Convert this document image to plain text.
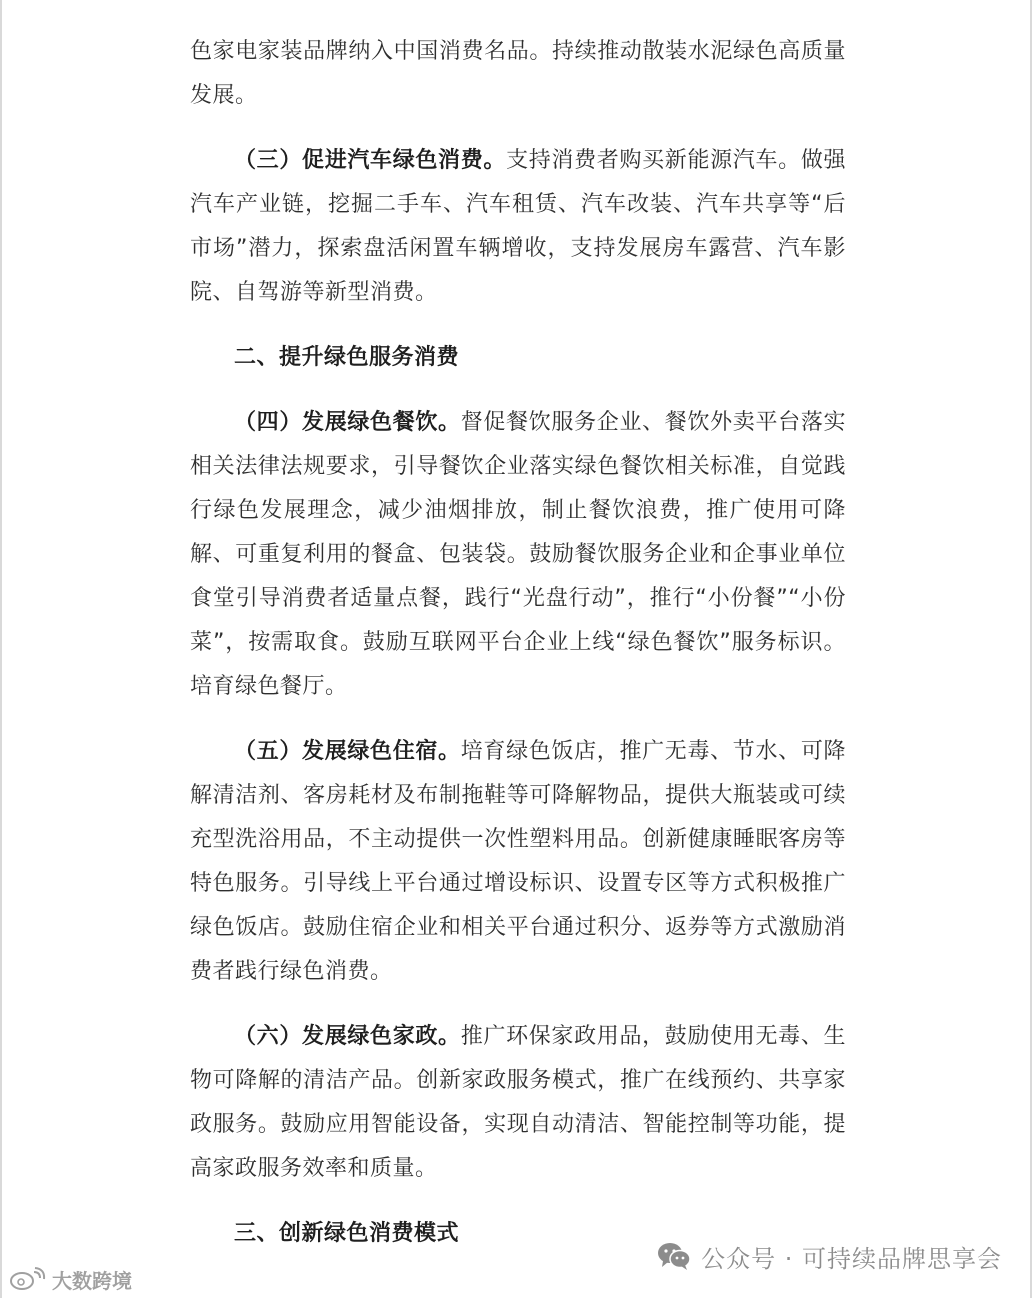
色家电家装品牌纳入中国消费名品。持续推动散装水泥绿色高质量发展。

（三）促进汽车绿色消费。支持消费者购买新能源汽车。做强汽车产业链，挖掘二手车、汽车租赁、汽车改装、汽车共享等“后市场”潜力，探索盘活闲置车辆增收，支持发展房车露营、汽车影院、自驾游等新型消费。

二、提升绿色服务消费

（四）发展绿色餐饮。督促餐饮服务企业、餐饮外卖平台落实相关法律法规要求，引导餐饮企业落实绿色餐饮相关标准，自觉践行绿色发展理念，减少油烟排放，制止餐饮浪费，推广使用可降解、可重复利用的餐盒、包装袋。鼓励餐饮服务企业和企事业单位食堂引导消费者适量点餐，践行“光盘行动”，推行“小份餐”“小份菜”，按需取食。鼓励互联网平台企业上线“绿色餐饮”服务标识。培育绿色餐厅。

（五）发展绿色住宿。培育绿色饭店，推广无毒、节水、可降解清洁剂、客房耗材及布制拖鞋等可降解物品，提供大瓶装或可续充型洗浴用品，不主动提供一次性塑料用品。创新健康睡眠客房等特色服务。引导线上平台通过增设标识、设置专区等方式积极推广绿色饭店。鼓励住宿企业和相关平台通过积分、返券等方式激励消费者践行绿色消费。

（六）发展绿色家政。推广环保家政用品，鼓励使用无毒、生物可降解的清洁产品。创新家政服务模式，推广在线预约、共享家政服务。鼓励应用智能设备，实现自动清洁、智能控制等功能，提高家政服务效率和质量。

三、创新绿色消费模式

公众号 · 可持续品牌思享会
大数跨境
